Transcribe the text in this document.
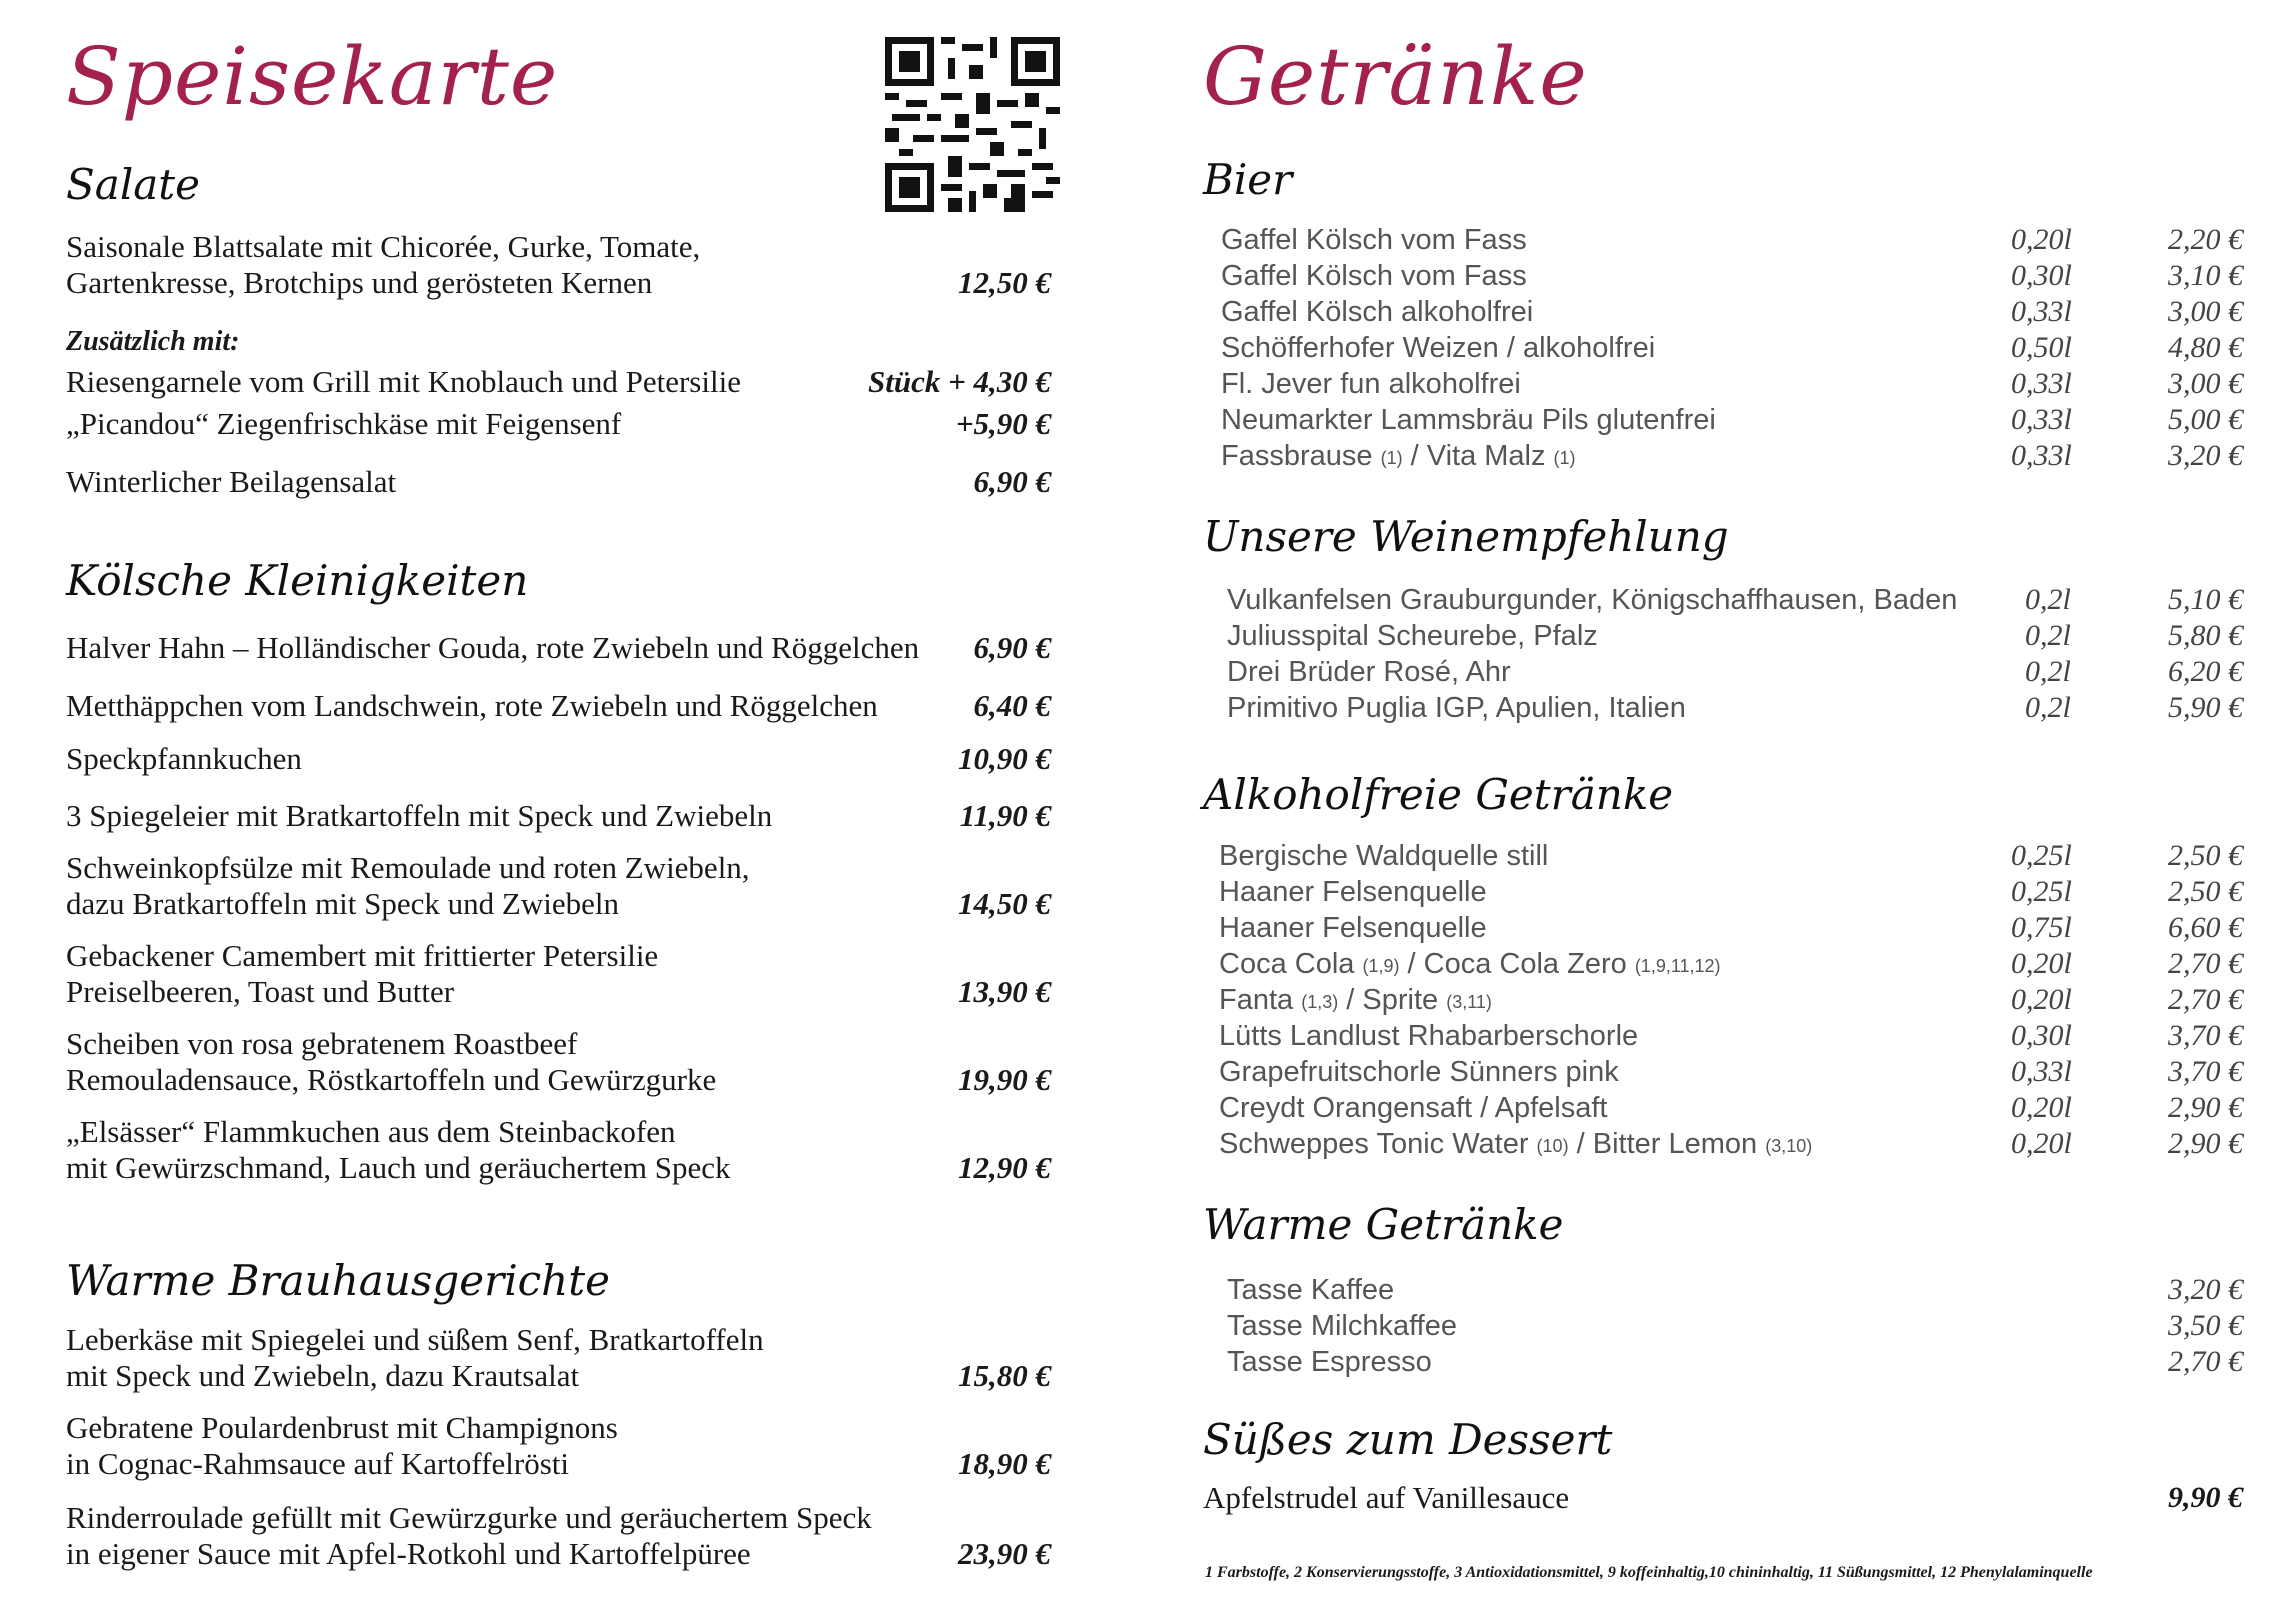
Speisekarte
Salate
Saisonale Blattsalate mit Chicorée, Gurke, Tomate,
Gartenkresse, Brotchips und gerösteten Kernen	12,50 €
Zusätzlich mit:
Riesengarnele vom Grill mit Knoblauch und Petersilie	Stück + 4,30 €
„Picandou“ Ziegenfrischkäse mit Feigensenf	+5,90 €
Winterlicher Beilagensalat	6,90 €
Kölsche Kleinigkeiten
Halver Hahn – Holländischer Gouda, rote Zwiebeln und Röggelchen 6,90 €
Metthäppchen vom Landschwein, rote Zwiebeln und Röggelchen	6,40 €
Speckpfannkuchen	10,90 €
3 Spiegeleier mit Bratkartoffeln mit Speck und Zwiebeln	11,90 €
Schweinkopfsülze mit Remoulade und roten Zwiebeln,
dazu Bratkartoffeln mit Speck und Zwiebeln	14,50 €
Gebackener Camembert mit frittierter Petersilie
Preiselbeeren, Toast und Butter	13,90 €
Scheiben von rosa gebratenem Roastbeef
Remouladensauce, Röstkartoffeln und Gewürzgurke	19,90 €
„Elsässer“ Flammkuchen aus dem Steinbackofen
mit Gewürzschmand, Lauch und geräuchertem Speck	12,90 €
Warme Brauhausgerichte
Leberkäse mit Spiegelei und süßem Senf, Bratkartoffeln
mit Speck und Zwiebeln, dazu Krautsalat	15,80 €
Gebratene Poulardenbrust mit Champignons
in Cognac-Rahmsauce auf Kartoffelrösti	18,90 €
Rinderroulade gefüllt mit Gewürzgurke und geräuchertem Speck
in eigener Sauce mit Apfel-Rotkohl und Kartoffelpüree	23,90 €
Getränke
Bier
Gaffel Kölsch vom Fass	0,20l	2,20 €
Gaffel Kölsch vom Fass	0,30l	3,10 €
Gaffel Kölsch alkoholfrei	0,33l	3,00 €
Schöfferhofer Weizen / alkoholfrei	0,50l	4,80 €
Fl. Jever fun alkoholfrei	0,33l	3,00 €
Neumarkter Lammsbräu Pils glutenfrei	0,33l	5,00 €
Fassbrause (1) / Vita Malz (1)	0,33l	3,20 €
Unsere Weinempfehlung
Vulkanfelsen Grauburgunder, Königschaffhausen, Baden 0,2l	5,10 €
Juliusspital Scheurebe, Pfalz	0,2l	5,80 €
Drei Brüder Rosé, Ahr	0,2l	6,20 €
Primitivo Puglia IGP, Apulien, Italien	0,2l	5,90 €
Alkoholfreie Getränke
Bergische Waldquelle still	0,25l	2,50 €
Haaner Felsenquelle	0,25l	2,50 €
Haaner Felsenquelle	0,75l	6,60 €
Coca Cola (1,9) / Coca Cola Zero (1,9,11,12)	0,20l	2,70 €
Fanta (1,3) / Sprite (3,11)	0,20l	2,70 €
Lütts Landlust Rhabarberschorle	0,30l	3,70 €
Grapefruitschorle Sünners pink	0,33l	3,70 €
Creydt Orangensaft / Apfelsaft	0,20l	2,90 €
Schweppes Tonic Water (10) / Bitter Lemon (3,10)	0,20l	2,90 €
Warme Getränke
Tasse Kaffee	3,20 €
Tasse Milchkaffee	3,50 €
Tasse Espresso	2,70 €
Süßes zum Dessert
Apfelstrudel auf Vanillesauce	9,90 €
1 Farbstoffe, 2 Konservierungsstoffe, 3 Antioxidationsmittel, 9 koffeinhaltig,10 chininhaltig, 11 Süßungsmittel, 12 Phenylalaminquelle
